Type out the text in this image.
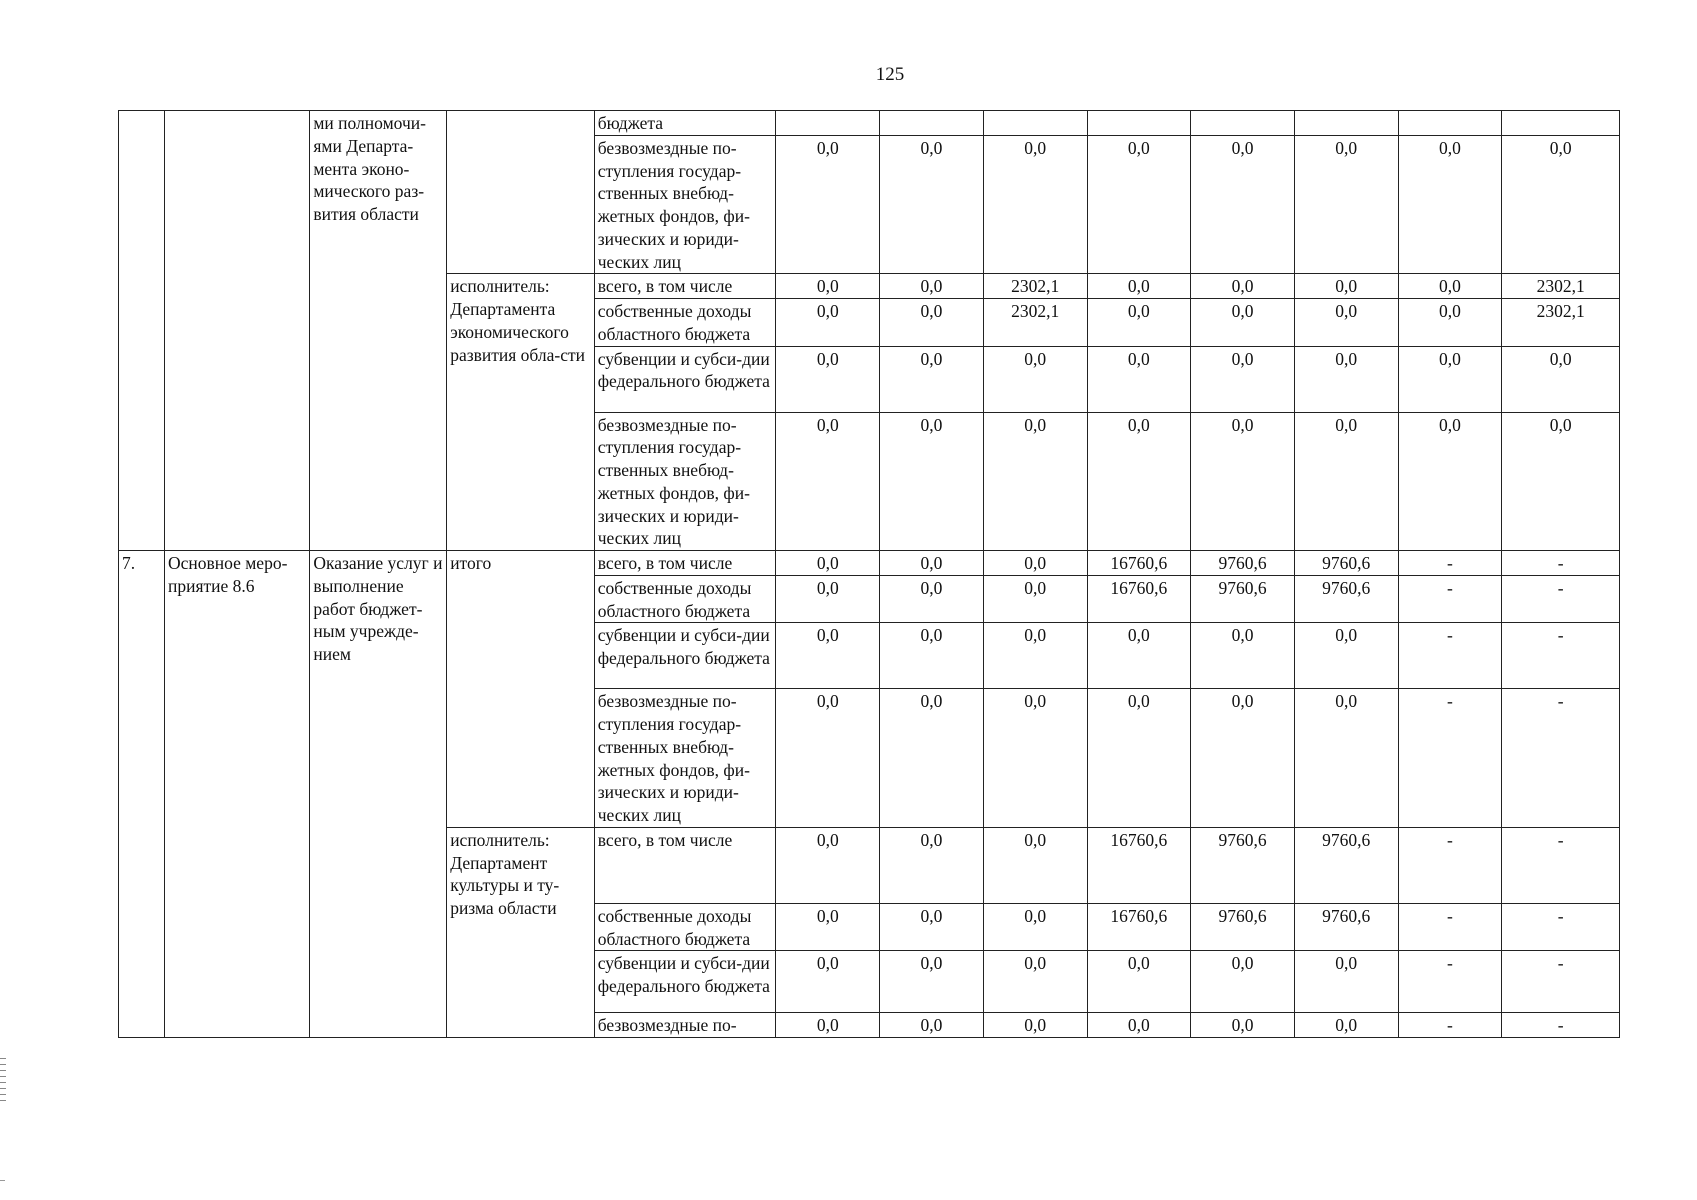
125
		ми полномочи-ями Департа-мента эконо-мического раз-вития области		бюджета								
				безвозмездные по-ступления государ-ственных внебюд-жетных фондов, фи-зических и юриди-ческих лиц	0,0	0,0	0,0	0,0	0,0	0,0	0,0	0,0
			исполнитель: Департамента экономического развития обла-сти	всего, в том числе	0,0	0,0	2302,1	0,0	0,0	0,0	0,0	2302,1
				собственные доходы областного бюджета	0,0	0,0	2302,1	0,0	0,0	0,0	0,0	2302,1
				субвенции и субси-дии федерального бюджета	0,0	0,0	0,0	0,0	0,0	0,0	0,0	0,0
				безвозмездные по-ступления государ-ственных внебюд-жетных фондов, фи-зических и юриди-ческих лиц	0,0	0,0	0,0	0,0	0,0	0,0	0,0	0,0
7.	Основное меро-приятие 8.6	Оказание услуг и выполнение работ бюджет-ным учрежде-нием	итого	всего, в том числе	0,0	0,0	0,0	16760,6	9760,6	9760,6	-	-
				собственные доходы областного бюджета	0,0	0,0	0,0	16760,6	9760,6	9760,6	-	-
				субвенции и субси-дии федерального бюджета	0,0	0,0	0,0	0,0	0,0	0,0	-	-
				безвозмездные по-ступления государ-ственных внебюд-жетных фондов, фи-зических и юриди-ческих лиц	0,0	0,0	0,0	0,0	0,0	0,0	-	-
			исполнитель: Департамент культуры и ту-ризма области	всего, в том числе	0,0	0,0	0,0	16760,6	9760,6	9760,6	-	-
				собственные доходы областного бюджета	0,0	0,0	0,0	16760,6	9760,6	9760,6	-	-
				субвенции и субси-дии федерального бюджета	0,0	0,0	0,0	0,0	0,0	0,0	-	-
				безвозмездные по-	0,0	0,0	0,0	0,0	0,0	0,0	-	-
